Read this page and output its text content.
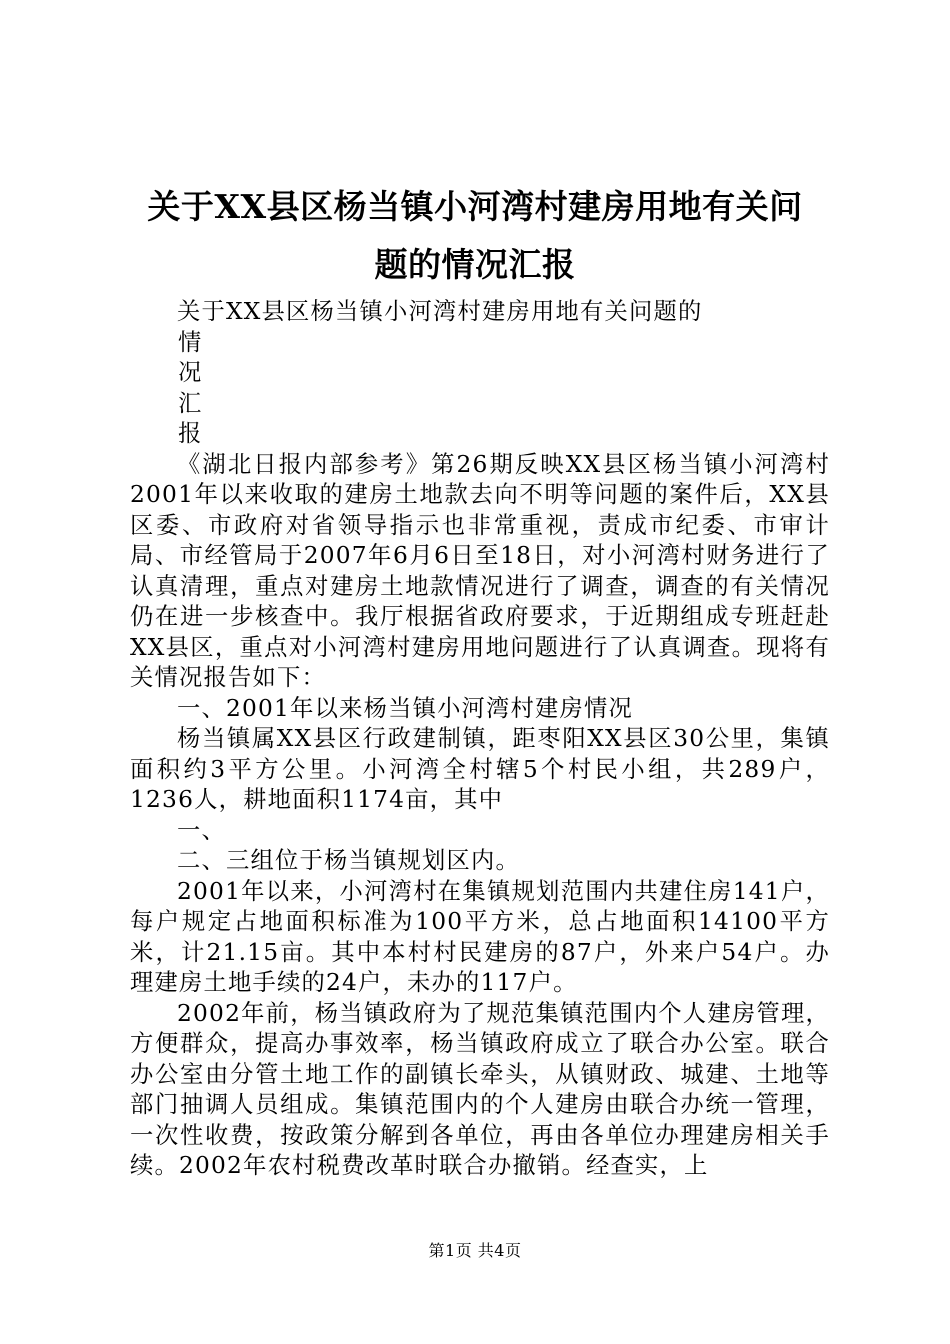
关于XX县区杨当镇小河湾村建房用地有关问
题的情况汇报

关于XX县区杨当镇小河湾村建房用地有关问题的

情

况

汇

报

《湖北日报内部参考》第26期反映XX县区杨当镇小河湾村2001年以来收取的建房土地款去向不明等问题的案件后，XX县区委、市政府对省领导指示也非常重视，责成市纪委、市审计局、市经管局于2007年6月6日至18日，对小河湾村财务进行了认真清理，重点对建房土地款情况进行了调查，调查的有关情况仍在进一步核查中。我厅根据省政府要求，于近期组成专班赶赴XX县区，重点对小河湾村建房用地问题进行了认真调查。现将有关情况报告如下：

一、2001年以来杨当镇小河湾村建房情况

杨当镇属XX县区行政建制镇，距枣阳XX县区30公里，集镇面积约3平方公里。小河湾全村辖5个村民小组，共289户，1236人，耕地面积1174亩，其中

一、

二、三组位于杨当镇规划区内。

2001年以来，小河湾村在集镇规划范围内共建住房141户，每户规定占地面积标准为100平方米，总占地面积14100平方米，计21.15亩。其中本村村民建房的87户，外来户54户。办理建房土地手续的24户，未办的117户。

2002年前，杨当镇政府为了规范集镇范围内个人建房管理，方便群众，提高办事效率，杨当镇政府成立了联合办公室。联合办公室由分管土地工作的副镇长牵头，从镇财政、城建、土地等部门抽调人员组成。集镇范围内的个人建房由联合办统一管理，一次性收费，按政策分解到各单位，再由各单位办理建房相关手续。2002年农村税费改革时联合办撤销。经查实，上

第1页 共4页
